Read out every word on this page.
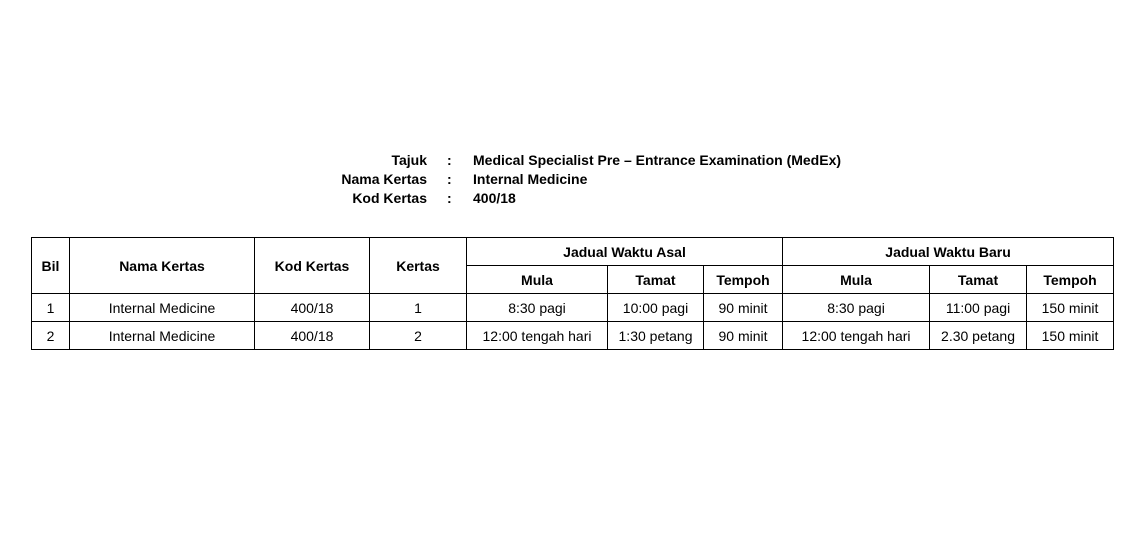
Tajuk : Medical Specialist Pre – Entrance Examination (MedEx)
Nama Kertas : Internal Medicine
Kod Kertas : 400/18
Bil	Nama Kertas	Kod Kertas	Kertas	Jadual Waktu Asal			Jadual Waktu Baru		
				Mula	Tamat	Tempoh	Mula	Tamat	Tempoh
1	Internal Medicine	400/18	1	8:30 pagi	10:00 pagi	90 minit	8:30 pagi	11:00 pagi	150 minit
2	Internal Medicine	400/18	2	12:00 tengah hari	1:30 petang	90 minit	12:00 tengah hari	2.30 petang	150 minit
